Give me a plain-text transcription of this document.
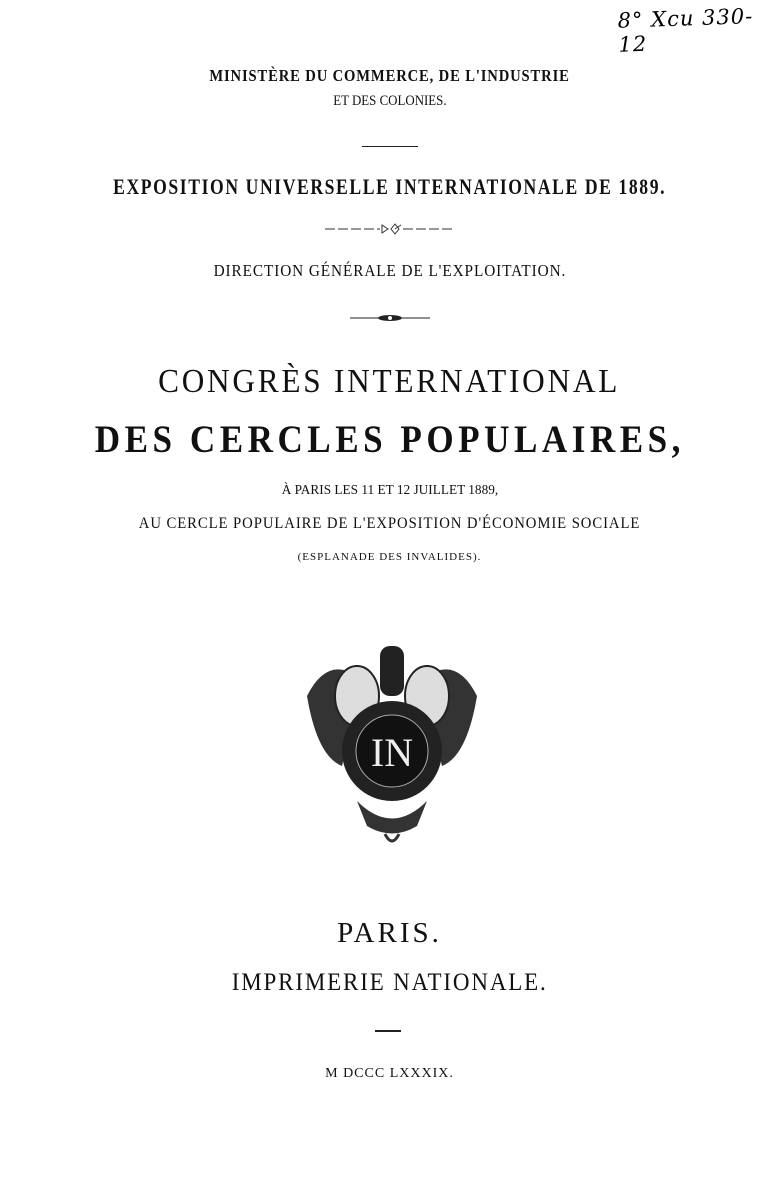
8° Xcu 330-12
MINISTÈRE DU COMMERCE, DE L'INDUSTRIE
ET DES COLONIES.
EXPOSITION UNIVERSELLE INTERNATIONALE DE 1889.
DIRECTION GÉNÉRALE DE L'EXPLOITATION.
CONGRÈS INTERNATIONAL
DES CERCLES POPULAIRES,
À PARIS LES 11 ET 12 JUILLET 1889,
AU CERCLE POPULAIRE DE L'EXPOSITION D'ÉCONOMIE SOCIALE
(ESPLANADE DES INVALIDES).
IN
PARIS.
IMPRIMERIE NATIONALE.
M DCCC LXXXIX.
